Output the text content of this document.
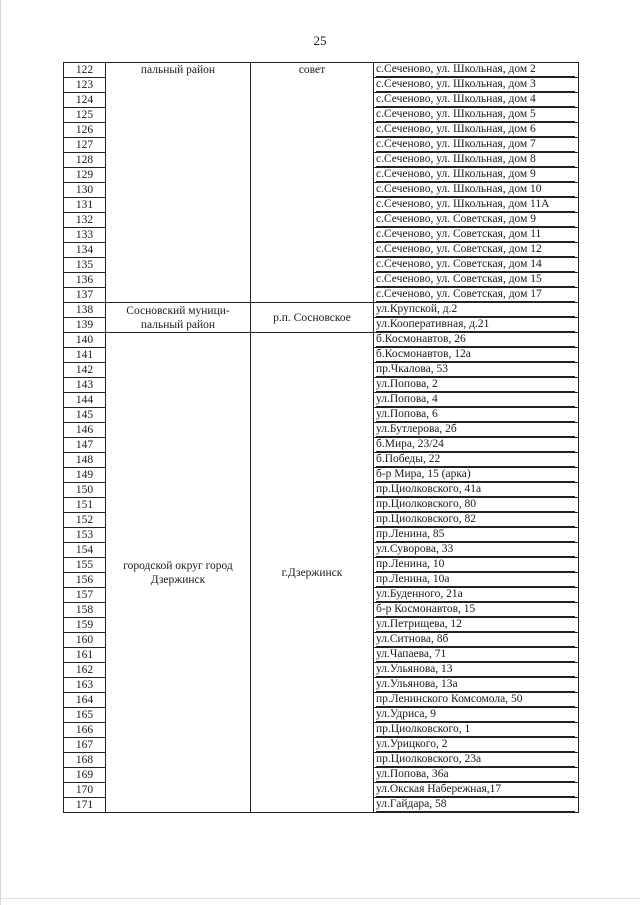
25
122	пальный район	совет	с.Сеченово, ул. Школьная, дом 2

123			с.Сеченово, ул. Школьная, дом 3

124			с.Сеченово, ул. Школьная, дом 4

125			с.Сеченово, ул. Школьная, дом 5

126			с.Сеченово, ул. Школьная, дом 6

127			с.Сеченово, ул. Школьная, дом 7

128			с.Сеченово, ул. Школьная, дом 8

129			с.Сеченово, ул. Школьная, дом 9

130			с.Сеченово, ул. Школьная, дом 10

131			с.Сеченово, ул. Школьная, дом 11А

132			с.Сеченово, ул. Советская, дом 9

133			с.Сеченово, ул. Советская, дом 11

134			с.Сеченово, ул. Советская, дом 12

135			с.Сеченово, ул. Советская, дом 14

136			с.Сеченово, ул. Советская, дом 15

137			с.Сеченово, ул. Советская, дом 17

138	Сосновский муници-пальный район	р.п. Сосновское	ул.Крупской, д.2

139			ул.Кооперативная, д.21

140	городской округ город Дзержинск	г.Дзержинск	б.Космонавтов, 26

141			б.Космонавтов, 12а

142			пр.Чкалова, 53

143			ул.Попова, 2

144			ул.Попова, 4

145			ул.Попова, 6

146			ул.Бутлерова, 2б

147			б.Мира, 23/24

148			б.Победы, 22

149			б-р Мира, 15 (арка)

150			пр.Циолковского, 41а

151			пр.Циолковского, 80

152			пр.Циолковского, 82

153			пр.Ленина, 85

154			ул.Суворова, 33

155			пр.Ленина, 10

156			пр.Ленина, 10а

157			ул.Буденного, 21а

158			б-р Космонавтов, 15

159			ул.Петрищева, 12

160			ул.Ситнова, 8б

161			ул.Чапаева, 71

162			ул.Ульянова, 13

163			ул.Ульянова, 13а

164			пр.Ленинского Комсомола, 50

165			ул.Удриса, 9

166			пр.Циолковского, 1

167			ул.Урицкого, 2

168			пр.Циолковского, 23а

169			ул.Попова, 36а

170			ул.Окская Набережная,17

171			ул.Гайдара, 58
